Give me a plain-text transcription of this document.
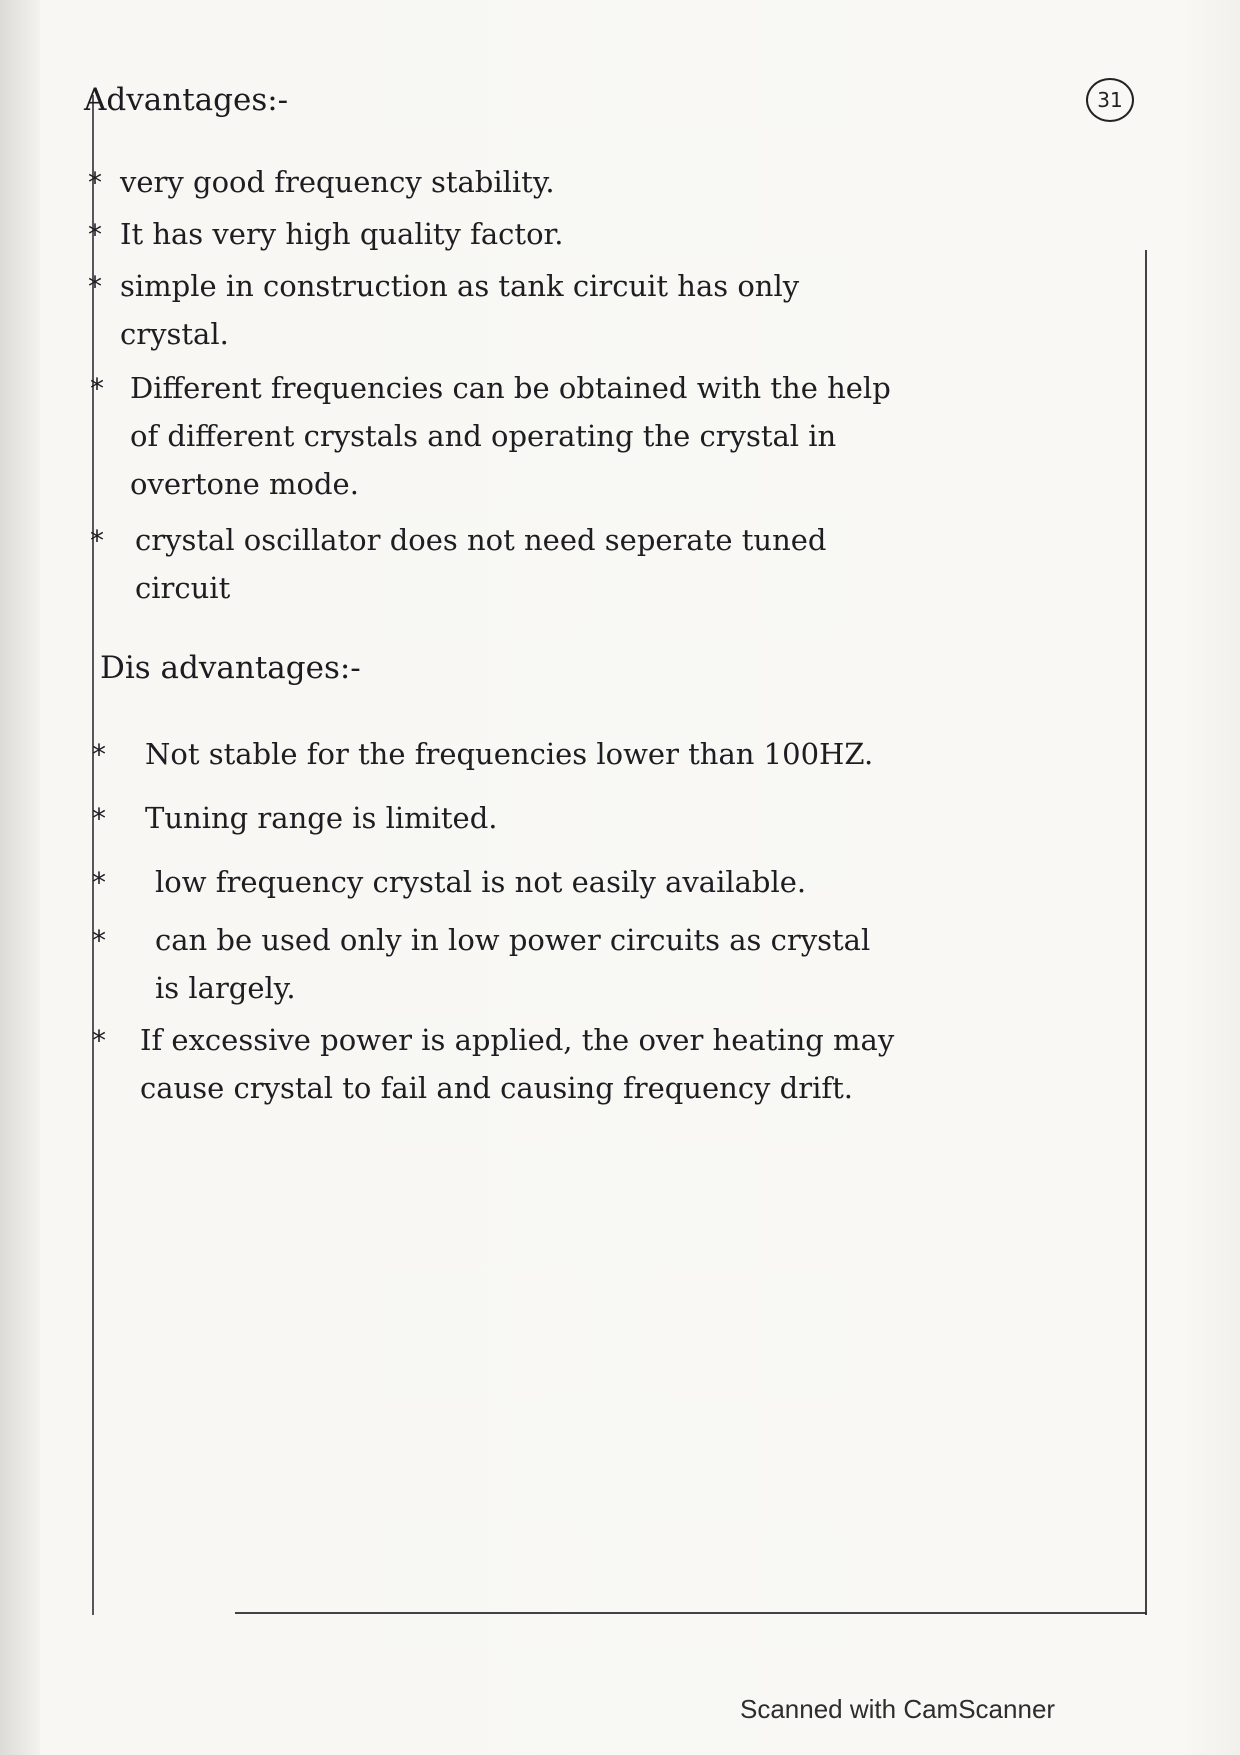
31
Advantages:-
* very good frequency stability.
* It has very high quality factor.
* simple in construction as tank circuit has only
crystal.
* Different frequencies can be obtained with the help
of different crystals and operating the crystal in
overtone mode.
* crystal oscillator does not need seperate tuned
circuit
Dis advantages:-
* Not stable for the frequencies lower than 100HZ.
* Tuning range is limited.
* low frequency crystal is not easily available.
* can be used only in low power circuits as crystal
is largely.
* If excessive power is applied, the over heating may
cause crystal to fail and causing frequency drift.
Scanned with CamScanner
